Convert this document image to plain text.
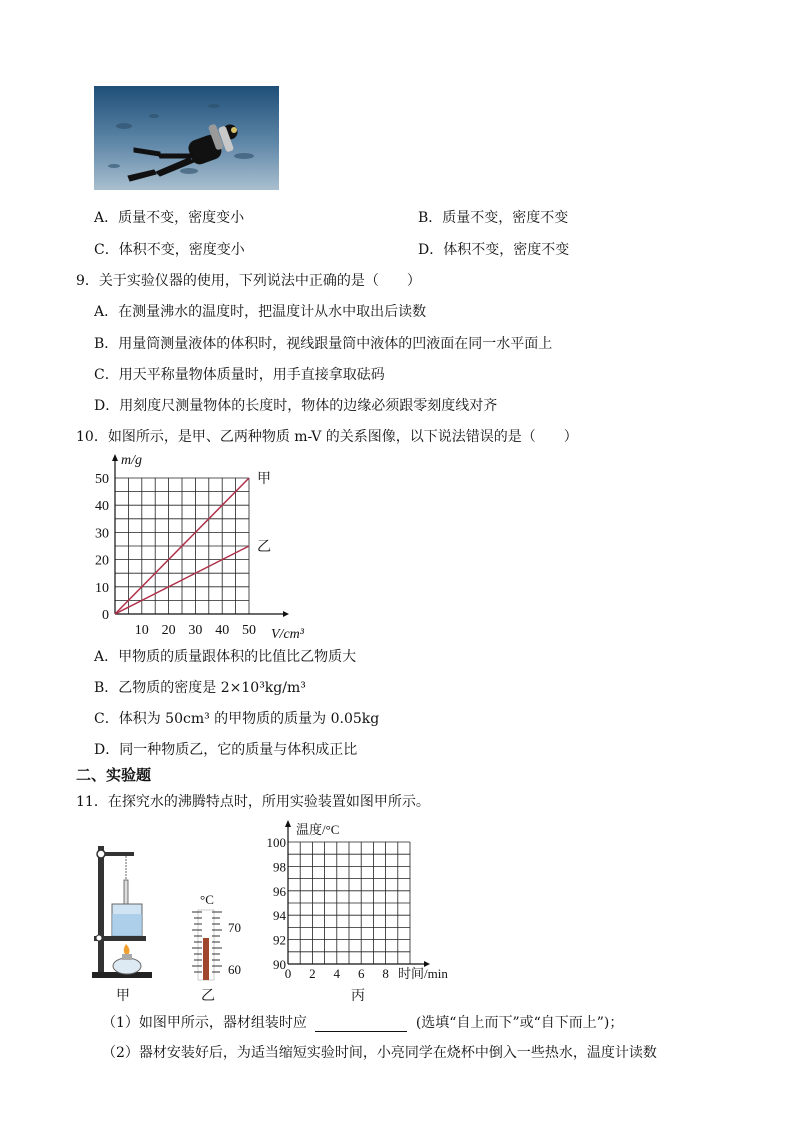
A．质量不变，密度变小	B．质量不变，密度不变
C．体积不变，密度变小	D．体积不变，密度不变
9．关于实验仪器的使用，下列说法中正确的是（　　）
A．在测量沸水的温度时，把温度计从水中取出后读数
B．用量筒测量液体的体积时，视线跟量筒中液体的凹液面在同一水平面上
C．用天平称量物体质量时，用手直接拿取砝码
D．用刻度尺测量物体的长度时，物体的边缘必须跟零刻度线对齐
10．如图所示，是甲、乙两种物质 m-V 的关系图像，以下说法错误的是（　　）
0
10
20
30
40
50
10 20 30 40 50
m/g
V/cm³
甲
乙
A．甲物质的质量跟体积的比值比乙物质大
B．乙物质的密度是 2×10³kg/m³
C．体积为 50cm³ 的甲物质的质量为 0.05kg
D．同一种物质乙，它的质量与体积成正比
二、实验题
11．在探究水的沸腾特点时，所用实验装置如图甲所示。
甲
°C
70
60
乙
90
92
94
96
98
100
0 2 4 6 8
温度/°C
时间/min
丙
（1）如图甲所示，器材组装时应	(选填“自上而下”或“自下而上”)；
（2）器材安装好后，为适当缩短实验时间，小亮同学在烧杯中倒入一些热水，温度计读数
